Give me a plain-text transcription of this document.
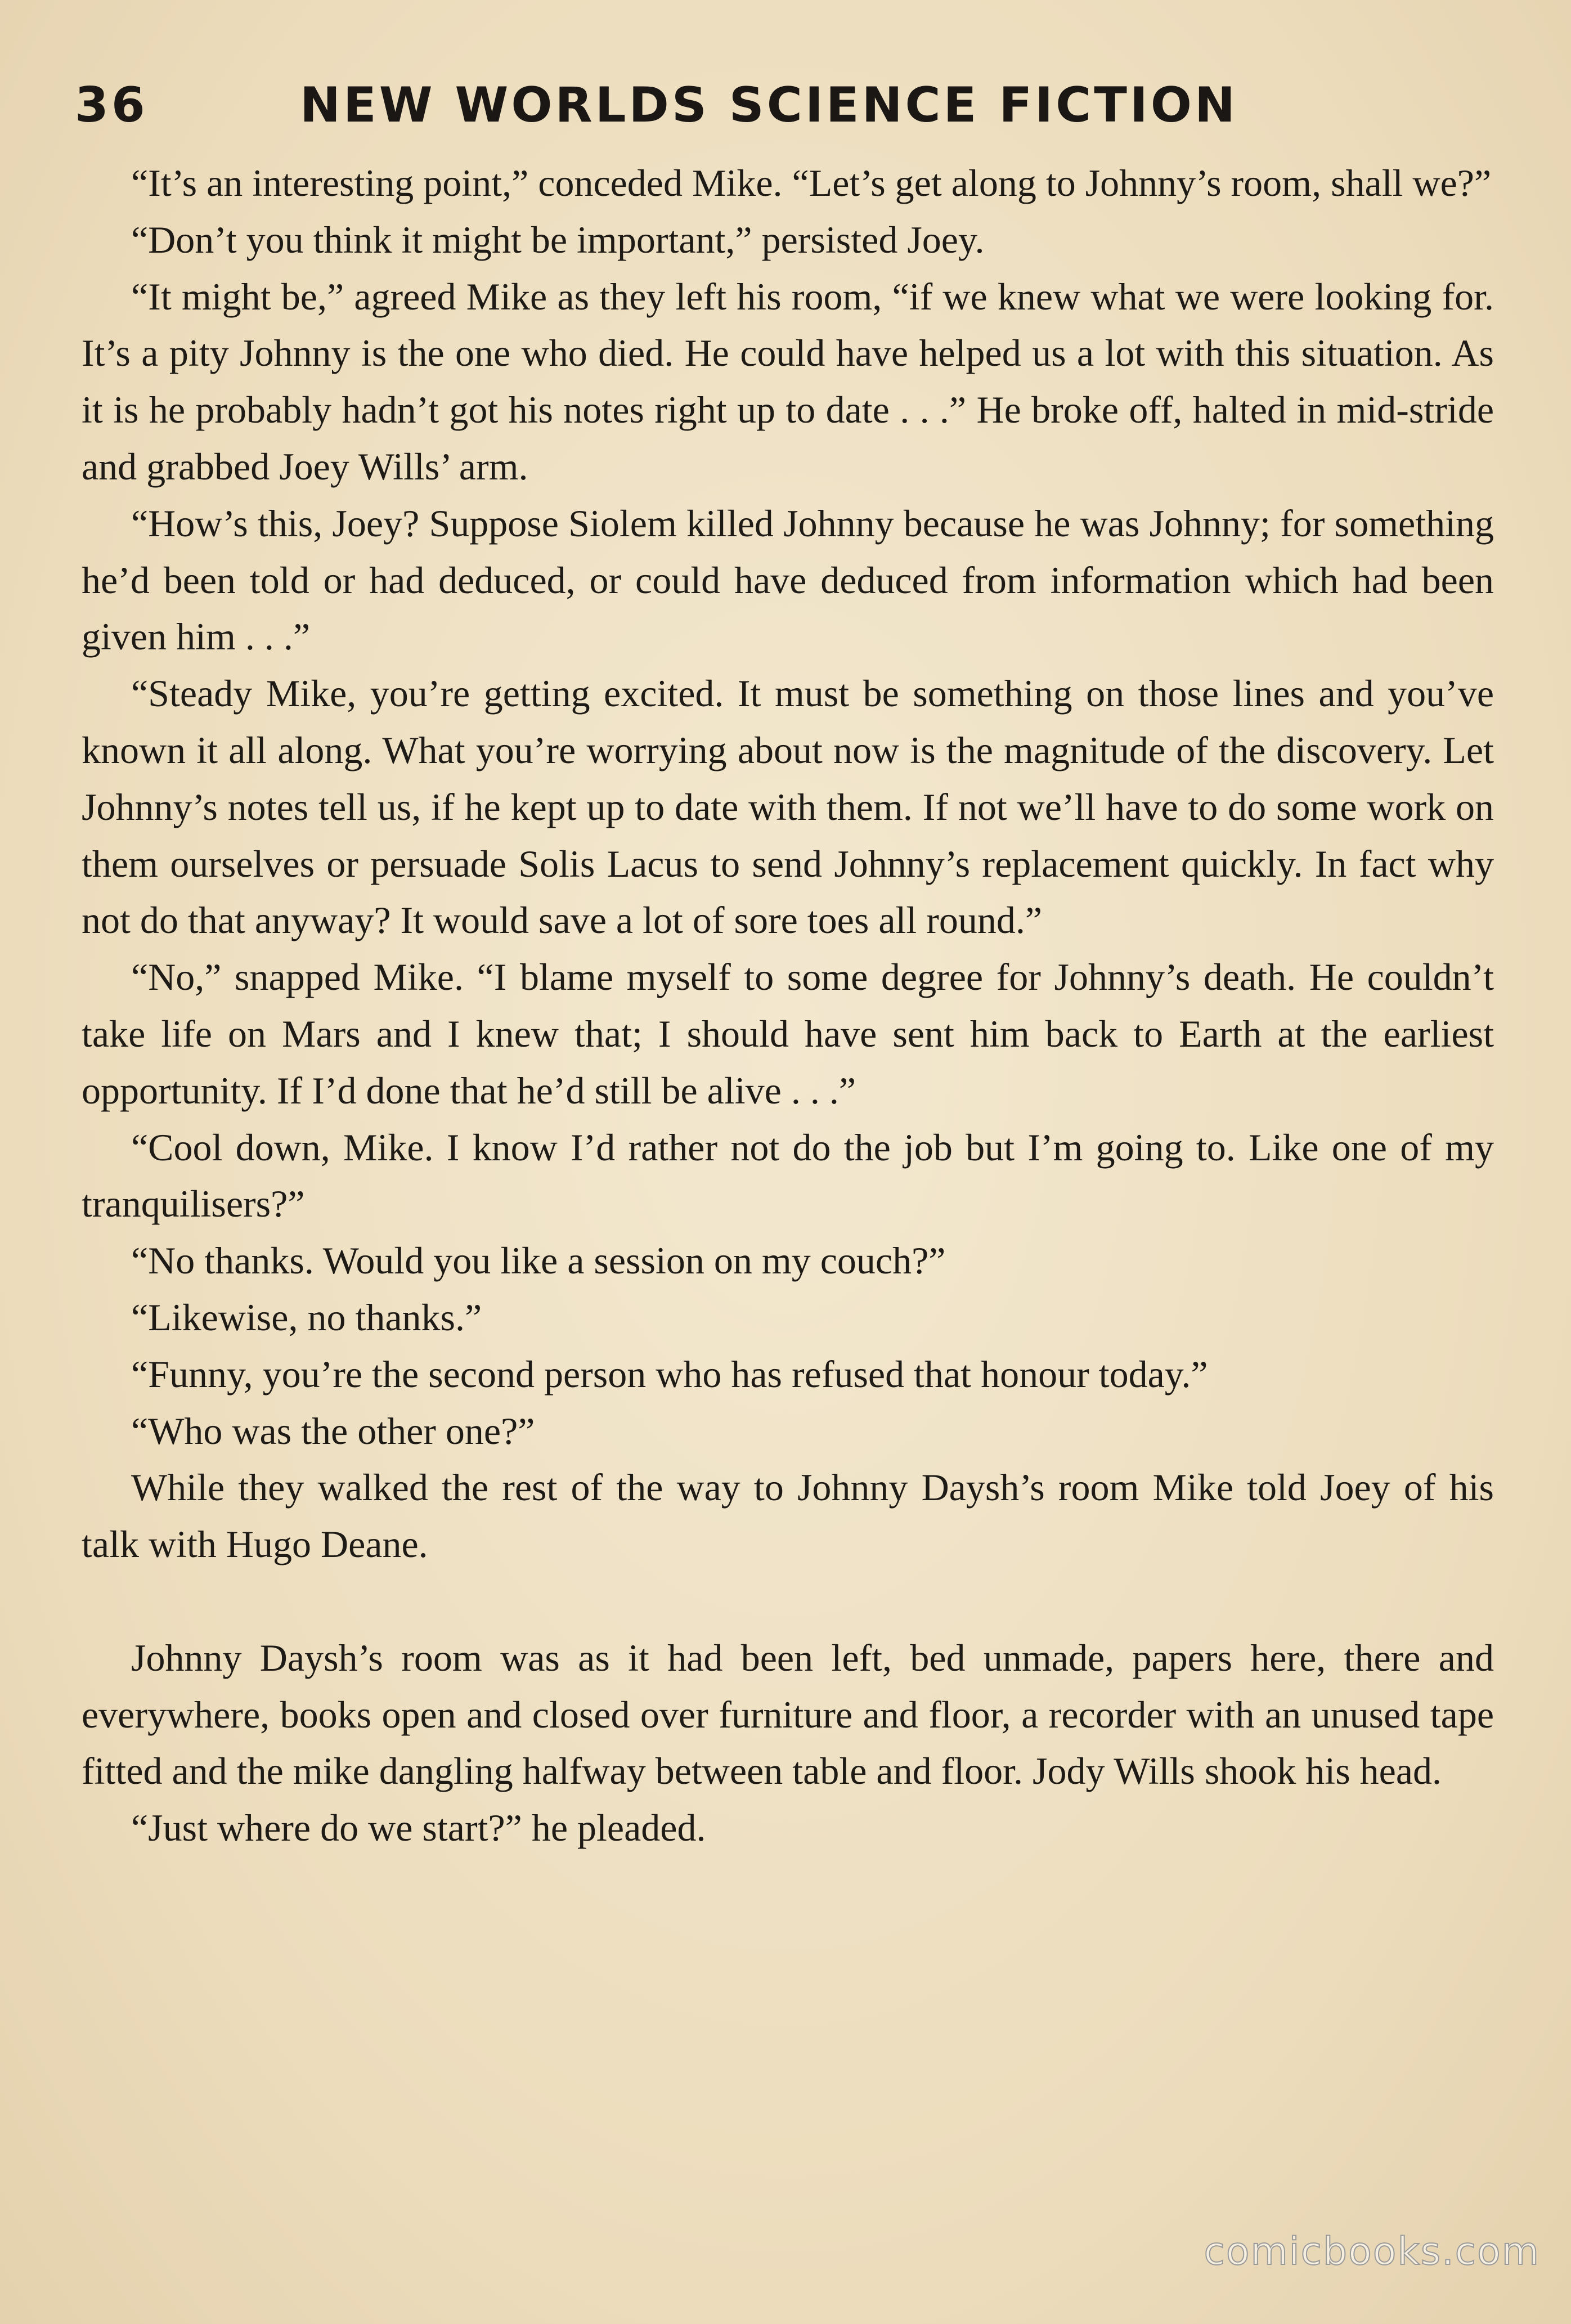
36	NEW WORLDS SCIENCE FICTION

“It’s an interesting point,” conceded Mike. “Let’s get along to Johnny’s room, shall we?”

“Don’t you think it might be important,” persisted Joey.

“It might be,” agreed Mike as they left his room, “if we knew what we were looking for. It’s a pity Johnny is the one who died. He could have helped us a lot with this situation. As it is he probably hadn’t got his notes right up to date . . .” He broke off, halted in mid-stride and grabbed Joey Wills’ arm.

“How’s this, Joey? Suppose Siolem killed Johnny because he was Johnny; for something he’d been told or had deduced, or could have deduced from information which had been given him . . .”

“Steady Mike, you’re getting excited. It must be something on those lines and you’ve known it all along. What you’re worrying about now is the magnitude of the discovery. Let Johnny’s notes tell us, if he kept up to date with them. If not we’ll have to do some work on them ourselves or persuade Solis Lacus to send Johnny’s replacement quickly. In fact why not do that anyway? It would save a lot of sore toes all round.”

“No,” snapped Mike. “I blame myself to some degree for Johnny’s death. He couldn’t take life on Mars and I knew that; I should have sent him back to Earth at the earliest opportunity. If I’d done that he’d still be alive . . .”

“Cool down, Mike. I know I’d rather not do the job but I’m going to. Like one of my tranquilisers?”

“No thanks. Would you like a session on my couch?”

“Likewise, no thanks.”

“Funny, you’re the second person who has refused that honour today.”

“Who was the other one?”

While they walked the rest of the way to Johnny Daysh’s room Mike told Joey of his talk with Hugo Deane.

Johnny Daysh’s room was as it had been left, bed unmade, papers here, there and everywhere, books open and closed over furniture and floor, a recorder with an unused tape fitted and the mike dangling halfway between table and floor. Jody Wills shook his head.

“Just where do we start?” he pleaded.

comicbooks.com
